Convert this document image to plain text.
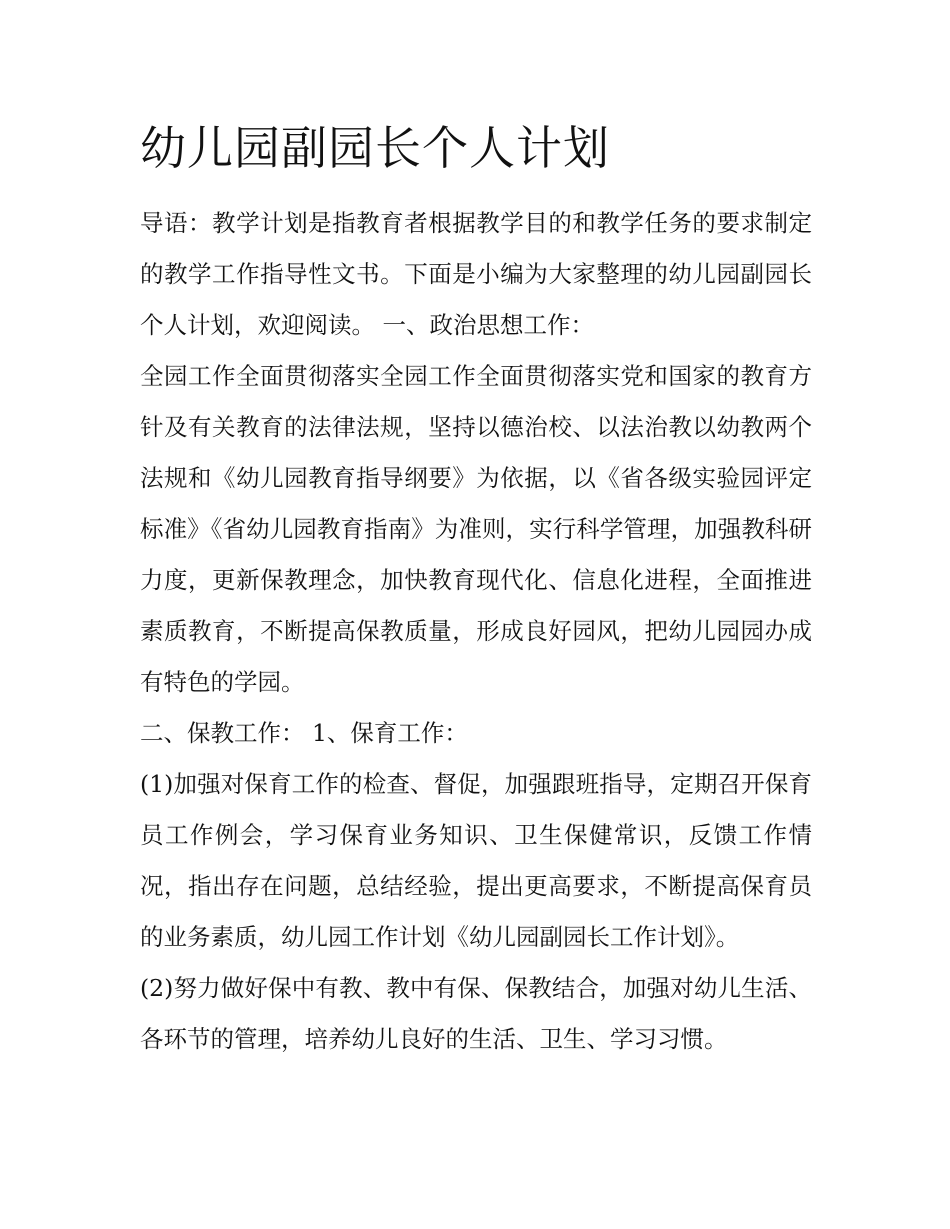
幼儿园副园长个人计划

导语：教学计划是指教育者根据教学目的和教学任务的要求制定的教学工作指导性文书。下面是小编为大家整理的幼儿园副园长个人计划，欢迎阅读。 一、政治思想工作：

全园工作全面贯彻落实全园工作全面贯彻落实党和国家的教育方针及有关教育的法律法规，坚持以德治校、以法治教以幼教两个法规和《幼儿园教育指导纲要》为依据，以《省各级实验园评定标准》《省幼儿园教育指南》为准则，实行科学管理，加强教科研力度，更新保教理念，加快教育现代化、信息化进程，全面推进素质教育，不断提高保教质量，形成良好园风，把幼儿园园办成有特色的学园。

二、保教工作： 1、保育工作：

(1)加强对保育工作的检查、督促，加强跟班指导，定期召开保育员工作例会，学习保育业务知识、卫生保健常识，反馈工作情况，指出存在问题，总结经验，提出更高要求，不断提高保育员的业务素质，幼儿园工作计划《幼儿园副园长工作计划》。

(2)努力做好保中有教、教中有保、保教结合，加强对幼儿生活、各环节的管理，培养幼儿良好的生活、卫生、学习习惯。
